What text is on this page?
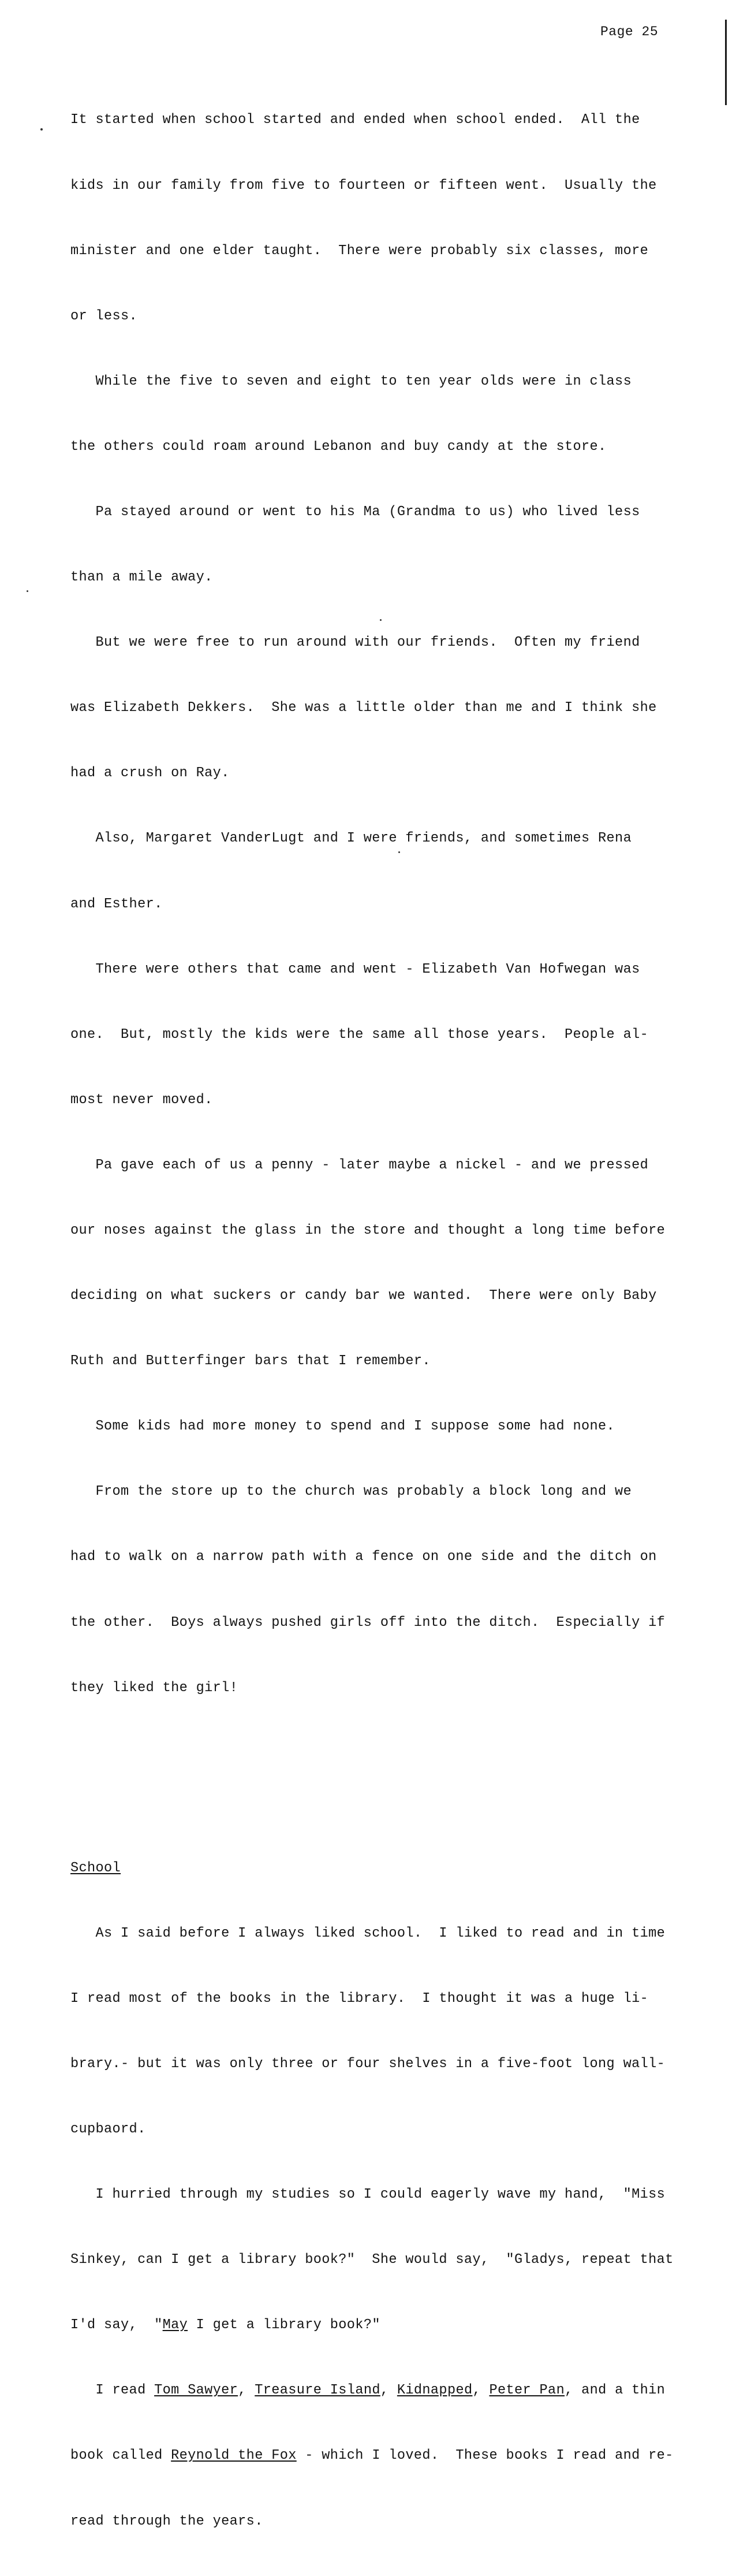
Page 25

It started when school started and ended when school ended.  All the

kids in our family from five to fourteen or fifteen went.  Usually the

minister and one elder taught.  There were probably six classes, more

or less.

While the five to seven and eight to ten year olds were in class

the others could roam around Lebanon and buy candy at the store.

Pa stayed around or went to his Ma (Grandma to us) who lived less

than a mile away.

But we were free to run around with our friends.  Often my friend

was Elizabeth Dekkers.  She was a little older than me and I think she

had a crush on Ray.

Also, Margaret VanderLugt and I were friends, and sometimes Rena

and Esther.

There were others that came and went - Elizabeth Van Hofwegan was

one.  But, mostly the kids were the same all those years.  People al-

most never moved.

Pa gave each of us a penny - later maybe a nickel - and we pressed

our noses against the glass in the store and thought a long time before

deciding on what suckers or candy bar we wanted.  There were only Baby

Ruth and Butterfinger bars that I remember.

Some kids had more money to spend and I suppose some had none.

From the store up to the church was probably a block long and we

had to walk on a narrow path with a fence on one side and the ditch on

the other.  Boys always pushed girls off into the ditch.  Especially if

they liked the girl!

School

As I said before I always liked school.  I liked to read and in time

I read most of the books in the library.  I thought it was a huge li-

brary.- but it was only three or four shelves in a five-foot long wall-

cupbaord.

I hurried through my studies so I could eagerly wave my hand,  "Miss

Sinkey, can I get a library book?"  She would say,  "Gladys, repeat that

I'd say,  "May I get a library book?"

I read Tom Sawyer, Treasure Island, Kidnapped, Peter Pan, and a thin

book called Reynold the Fox - which I loved.  These books I read and re-

read through the years.
